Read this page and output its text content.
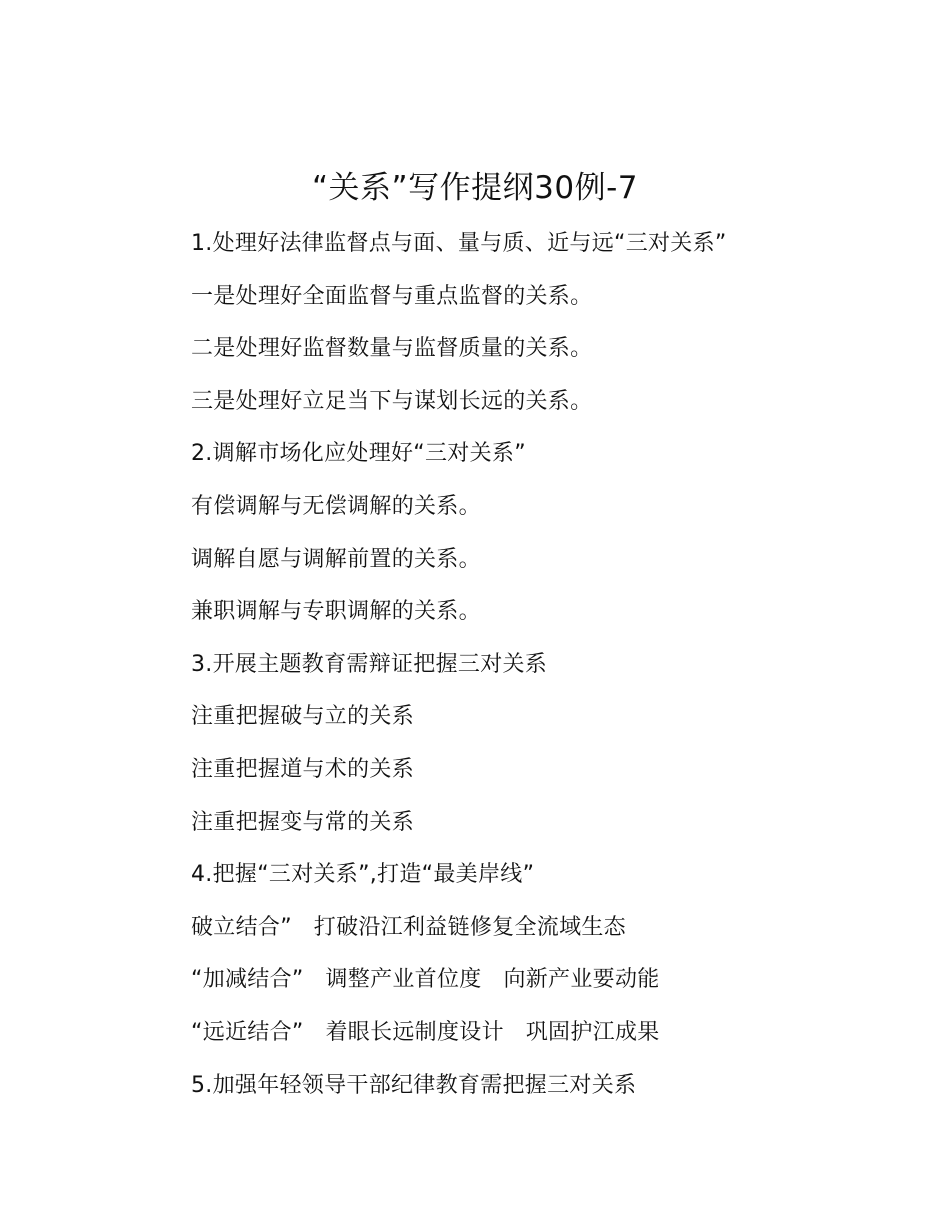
“关系”写作提纲30例-7
1.处理好法律监督点与面、量与质、近与远“三对关系”
一是处理好全面监督与重点监督的关系。
二是处理好监督数量与监督质量的关系。
三是处理好立足当下与谋划长远的关系。
2.调解市场化应处理好“三对关系”
有偿调解与无偿调解的关系。
调解自愿与调解前置的关系。
兼职调解与专职调解的关系。
3.开展主题教育需辩证把握三对关系
注重把握破与立的关系
注重把握道与术的关系
注重把握变与常的关系
4.把握“三对关系”,打造“最美岸线”
破立结合”   打破沿江利益链修复全流域生态
“加减结合”   调整产业首位度   向新产业要动能
“远近结合”   着眼长远制度设计   巩固护江成果
5.加强年轻领导干部纪律教育需把握三对关系
